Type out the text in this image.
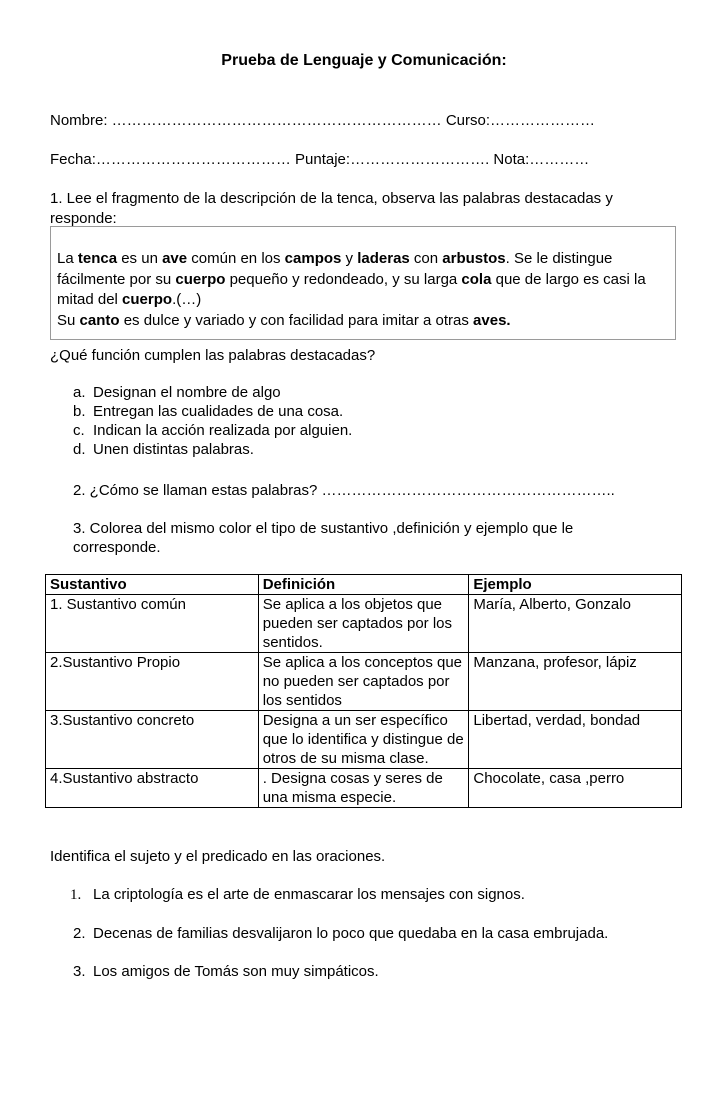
Prueba de Lenguaje y Comunicación:
Nombre: ………………………………………………………… Curso:…………………
Fecha:………………………………… Puntaje:………………………. Nota:…………
1. Lee el fragmento de la descripción de la tenca, observa las palabras destacadas y responde:
La tenca es un ave común en los campos y laderas con arbustos. Se le distingue fácilmente por su cuerpo pequeño y redondeado, y su larga cola que de largo es casi la mitad del cuerpo.(…)
Su canto es dulce y variado y con facilidad para imitar a otras aves.
¿Qué función cumplen las palabras destacadas?
a. Designan el nombre de algo
b. Entregan las cualidades de una cosa.
c. Indican la acción realizada por alguien.
d. Unen distintas palabras.
2. ¿Cómo se llaman estas palabras? …………………………………………………..
3. Colorea del mismo color el tipo de sustantivo ,definición y ejemplo que le
corresponde.
Sustantivo	Definición	Ejemplo
1. Sustantivo común	Se aplica a los objetos que pueden ser captados por los sentidos.	María, Alberto, Gonzalo
2.Sustantivo Propio	Se aplica a los conceptos que no pueden ser captados por los sentidos	Manzana, profesor, lápiz
3.Sustantivo concreto	Designa a un ser específico que lo identifica y distingue de otros de su misma clase.	Libertad, verdad, bondad
4.Sustantivo abstracto	. Designa cosas y seres de una misma especie.	Chocolate, casa ,perro
Identifica el sujeto y el predicado en las oraciones.
1. La criptología es el arte de enmascarar los mensajes con signos.
2. Decenas de familias desvalijaron lo poco que quedaba en la casa embrujada.
3. Los amigos de Tomás son muy simpáticos.
